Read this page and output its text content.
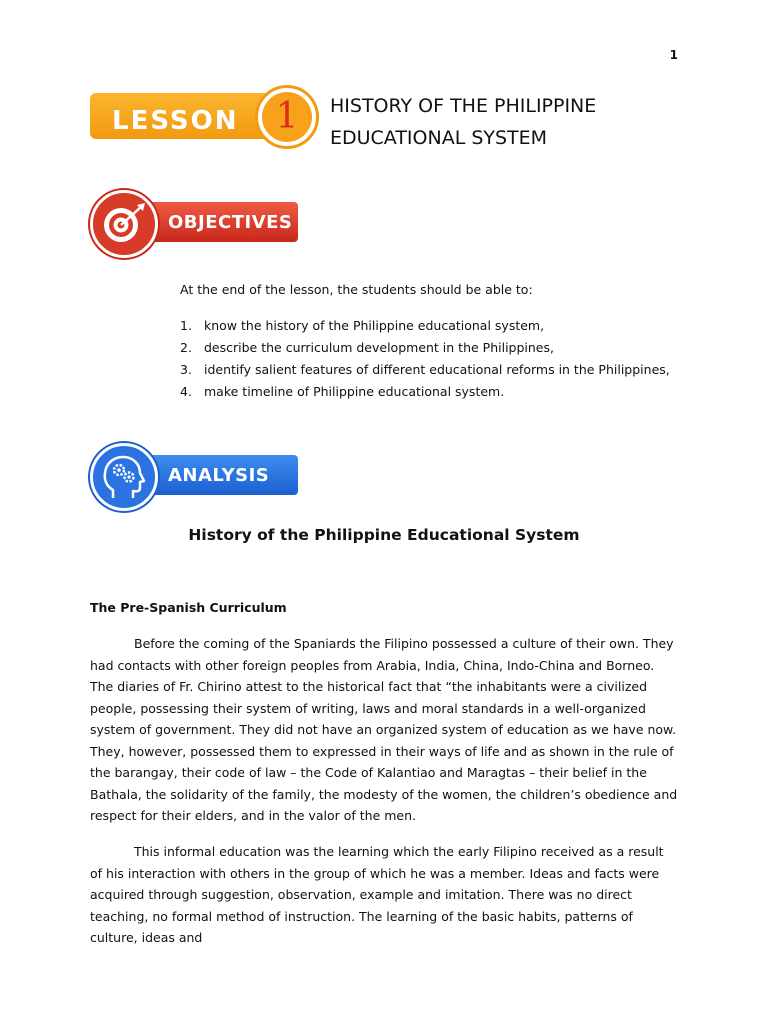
1
LESSON	1	HISTORY OF THE PHILIPPINE EDUCATIONAL SYSTEM
OBJECTIVES
At the end of the lesson, the students should be able to:
1. know the history of the Philippine educational system,
2. describe the curriculum development in the Philippines,
3. identify salient features of different educational reforms in the Philippines,
4. make timeline of Philippine educational system.
ANALYSIS
History of the Philippine Educational System
The Pre-Spanish Curriculum

Before the coming of the Spaniards the Filipino possessed a culture of their own. They had contacts with other foreign peoples from Arabia, India, China, Indo-China and Borneo. The diaries of Fr. Chirino attest to the historical fact that “the inhabitants were a civilized people, possessing their system of writing, laws and moral standards in a well-organized system of government. They did not have an organized system of education as we have now. They, however, possessed them to expressed in their ways of life and as shown in the rule of the barangay, their code of law – the Code of Kalantiao and Maragtas – their belief in the Bathala, the solidarity of the family, the modesty of the women, the children’s obedience and respect for their elders, and in the valor of the men.

This informal education was the learning which the early Filipino received as a result of his interaction with others in the group of which he was a member. Ideas and facts were acquired through suggestion, observation, example and imitation. There was no direct teaching, no formal method of instruction. The learning of the basic habits, patterns of culture, ideas and
